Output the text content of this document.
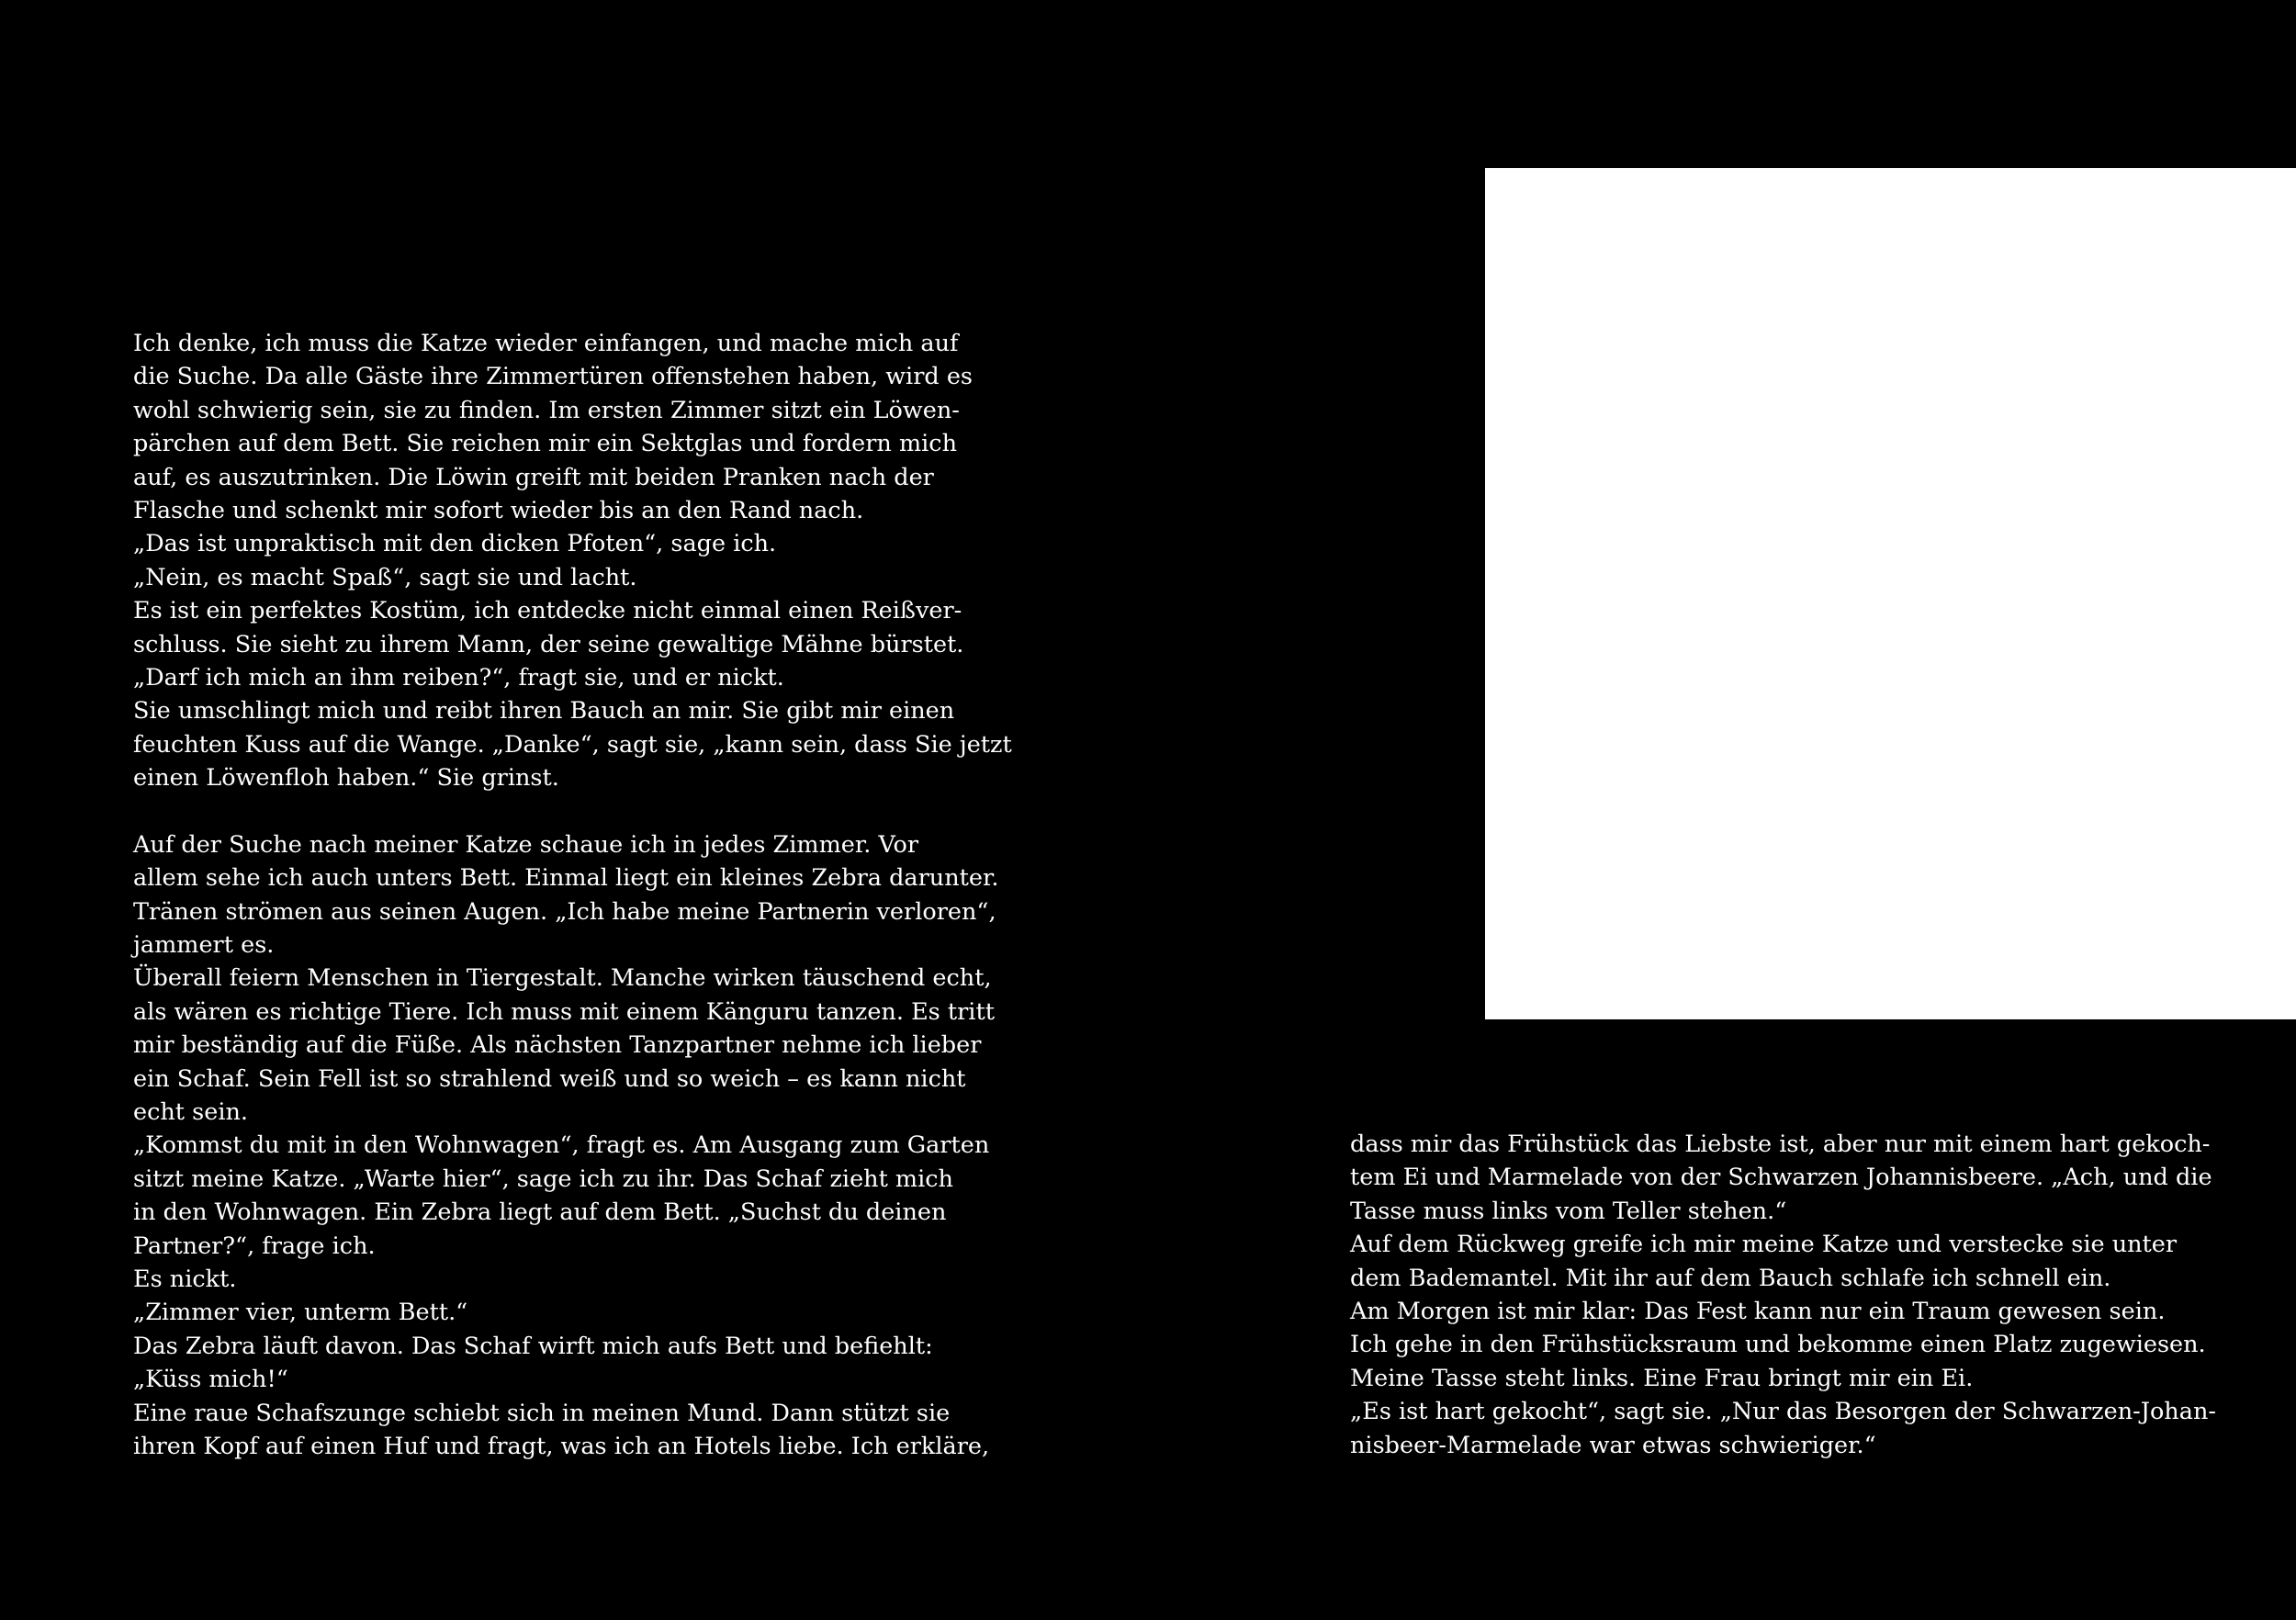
Ich denke, ich muss die Katze wieder einfangen, und mache mich auf
die Suche. Da alle Gäste ihre Zimmertüren offenstehen haben, wird es
wohl schwierig sein, sie zu finden. Im ersten Zimmer sitzt ein Löwen-
pärchen auf dem Bett. Sie reichen mir ein Sektglas und fordern mich
auf, es auszutrinken. Die Löwin greift mit beiden Pranken nach der
Flasche und schenkt mir sofort wieder bis an den Rand nach.
„Das ist unpraktisch mit den dicken Pfoten“, sage ich.
„Nein, es macht Spaß“, sagt sie und lacht.
Es ist ein perfektes Kostüm, ich entdecke nicht einmal einen Reißver-
schluss. Sie sieht zu ihrem Mann, der seine gewaltige Mähne bürstet.
„Darf ich mich an ihm reiben?“, fragt sie, und er nickt.
Sie umschlingt mich und reibt ihren Bauch an mir. Sie gibt mir einen
feuchten Kuss auf die Wange. „Danke“, sagt sie, „kann sein, dass Sie jetzt
einen Löwenfloh haben.“ Sie grinst.
Auf der Suche nach meiner Katze schaue ich in jedes Zimmer. Vor
allem sehe ich auch unters Bett. Einmal liegt ein kleines Zebra darunter.
Tränen strömen aus seinen Augen. „Ich habe meine Partnerin verloren“,
jammert es.
Überall feiern Menschen in Tiergestalt. Manche wirken täuschend echt,
als wären es richtige Tiere. Ich muss mit einem Känguru tanzen. Es tritt
mir beständig auf die Füße. Als nächsten Tanzpartner nehme ich lieber
ein Schaf. Sein Fell ist so strahlend weiß und so weich – es kann nicht
echt sein.
„Kommst du mit in den Wohnwagen“, fragt es. Am Ausgang zum Garten
sitzt meine Katze. „Warte hier“, sage ich zu ihr. Das Schaf zieht mich
in den Wohnwagen. Ein Zebra liegt auf dem Bett. „Suchst du deinen
Partner?“, frage ich.
Es nickt.
„Zimmer vier, unterm Bett.“
Das Zebra läuft davon. Das Schaf wirft mich aufs Bett und befiehlt:
„Küss mich!“
Eine raue Schafszunge schiebt sich in meinen Mund. Dann stützt sie
ihren Kopf auf einen Huf und fragt, was ich an Hotels liebe. Ich erkläre,
dass mir das Frühstück das Liebste ist, aber nur mit einem hart gekoch-
tem Ei und Marmelade von der Schwarzen Johannisbeere. „Ach, und die
Tasse muss links vom Teller stehen.“
Auf dem Rückweg greife ich mir meine Katze und verstecke sie unter
dem Bademantel. Mit ihr auf dem Bauch schlafe ich schnell ein.
Am Morgen ist mir klar: Das Fest kann nur ein Traum gewesen sein.
Ich gehe in den Frühstücksraum und bekomme einen Platz zugewiesen.
Meine Tasse steht links. Eine Frau bringt mir ein Ei.
„Es ist hart gekocht“, sagt sie. „Nur das Besorgen der Schwarzen-Johan-
nisbeer-Marmelade war etwas schwieriger.“
